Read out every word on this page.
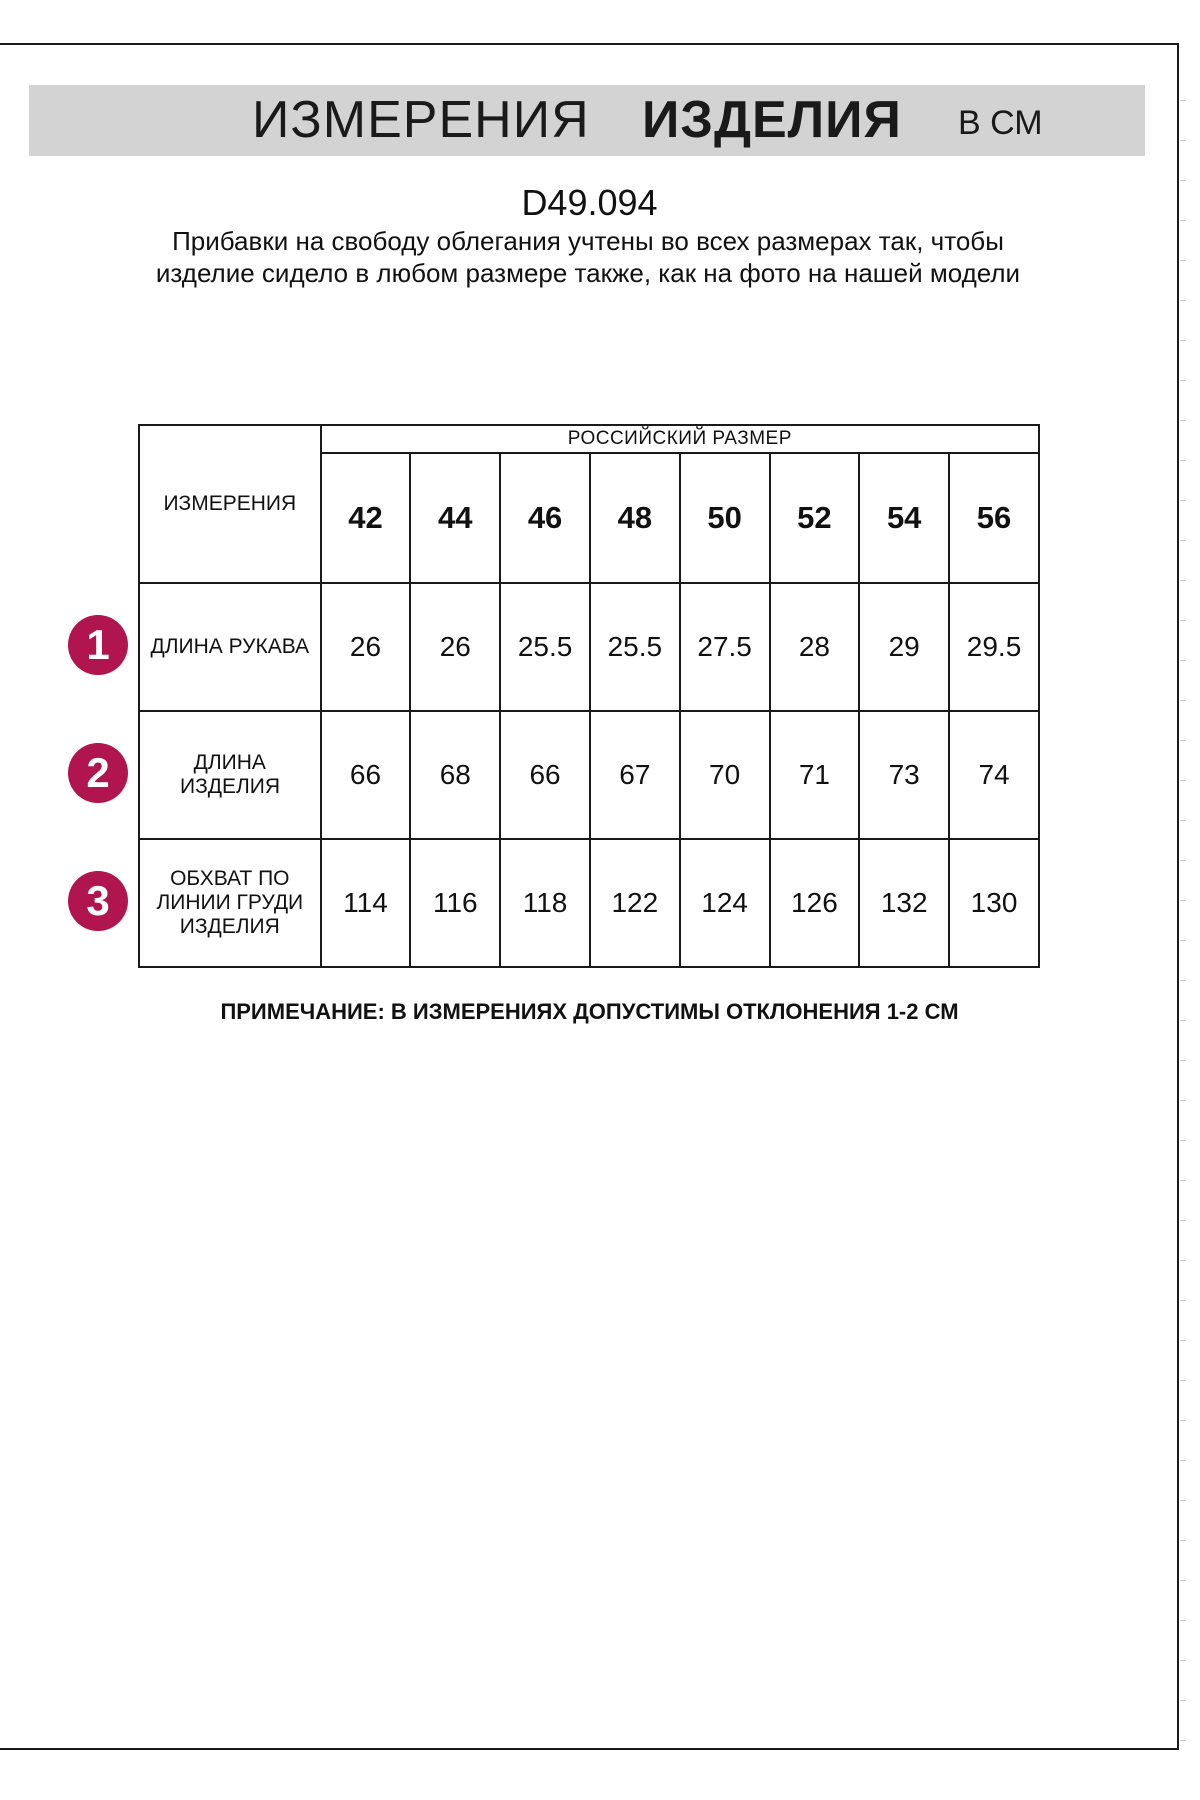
ИЗМЕРЕНИЯ ИЗДЕЛИЯ В СМ
D49.094
Прибавки на свободу облегания учтены во всех размерах так, чтобы изделие сидело в любом размере также, как на фото на нашей модели
ИЗМЕРЕНИЯ	РОССИЙСКИЙ РАЗМЕР							
	42	44	46	48	50	52	54	56
ДЛИНА РУКАВА	26	26	25.5	25.5	27.5	28	29	29.5
ДЛИНА ИЗДЕЛИЯ	66	68	66	67	70	71	73	74
ОБХВАТ ПО ЛИНИИ ГРУДИ ИЗДЕЛИЯ	114	116	118	122	124	126	132	130
1
2
3
ПРИМЕЧАНИЕ: В ИЗМЕРЕНИЯХ ДОПУСТИМЫ ОТКЛОНЕНИЯ 1-2 СМ
